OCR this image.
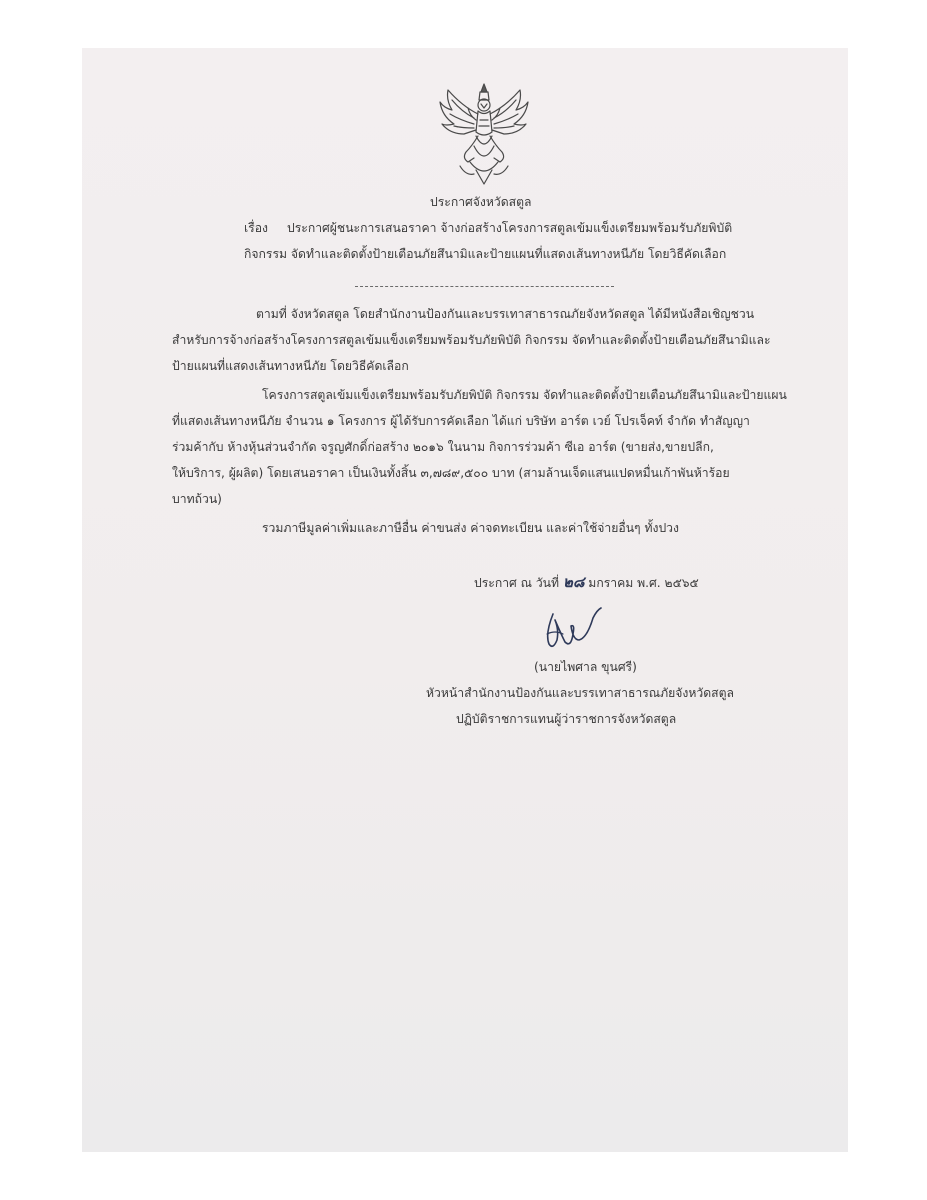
ประกาศจังหวัดสตูล
เรื่อง ประกาศผู้ชนะการเสนอราคา จ้างก่อสร้างโครงการสตูลเข้มแข็งเตรียมพร้อมรับภัยพิบัติ
กิจกรรม จัดทำและติดตั้งป้ายเตือนภัยสึนามิและป้ายแผนที่แสดงเส้นทางหนีภัย โดยวิธีคัดเลือก
ตามที่ จังหวัดสตูล โดยสำนักงานป้องกันและบรรเทาสาธารณภัยจังหวัดสตูล ได้มีหนังสือเชิญชวน
สำหรับการจ้างก่อสร้างโครงการสตูลเข้มแข็งเตรียมพร้อมรับภัยพิบัติ กิจกรรม จัดทำและติดตั้งป้ายเตือนภัยสึนามิและ
ป้ายแผนที่แสดงเส้นทางหนีภัย โดยวิธีคัดเลือก
โครงการสตูลเข้มแข็งเตรียมพร้อมรับภัยพิบัติ กิจกรรม จัดทำและติดตั้งป้ายเตือนภัยสึนามิและป้ายแผน
ที่แสดงเส้นทางหนีภัย จำนวน ๑ โครงการ ผู้ได้รับการคัดเลือก ได้แก่ บริษัท อาร์ต เวย์ โปรเจ็คท์ จำกัด ทำสัญญา
ร่วมค้ากับ ห้างหุ้นส่วนจำกัด จรูญศักดิ์ก่อสร้าง ๒๐๑๖ ในนาม กิจการร่วมค้า ซีเอ อาร์ต (ขายส่ง,ขายปลีก,
ให้บริการ, ผู้ผลิต) โดยเสนอราคา เป็นเงินทั้งสิ้น ๓,๗๘๙,๕๐๐ บาท (สามล้านเจ็ดแสนแปดหมื่นเก้าพันห้าร้อย
บาทถ้วน)
รวมภาษีมูลค่าเพิ่มและภาษีอื่น ค่าขนส่ง ค่าจดทะเบียน และค่าใช้จ่ายอื่นๆ ทั้งปวง
ประกาศ ณ วันที่ ๒๘ มกราคม พ.ศ. ๒๕๖๕
(นายไพศาล ขุนศรี)
หัวหน้าสำนักงานป้องกันและบรรเทาสาธารณภัยจังหวัดสตูล
ปฏิบัติราชการแทนผู้ว่าราชการจังหวัดสตูล
